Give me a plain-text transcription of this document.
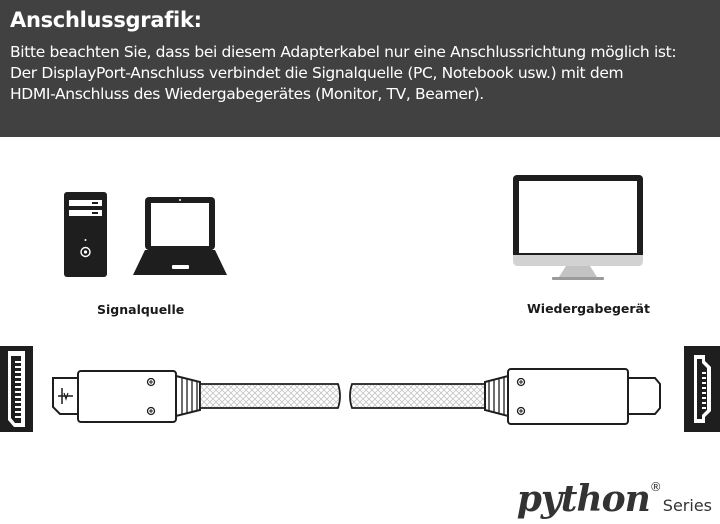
Anschlussgrafik:
Bitte beachten Sie, dass bei diesem Adapterkabel nur eine Anschlussrichtung möglich ist:
Der DisplayPort-Anschluss verbindet die Signalquelle (PC, Notebook usw.) mit dem
HDMI-Anschluss des Wiedergabegerätes (Monitor, TV, Beamer).
Signalquelle	Wiedergabegerät
python®Series
